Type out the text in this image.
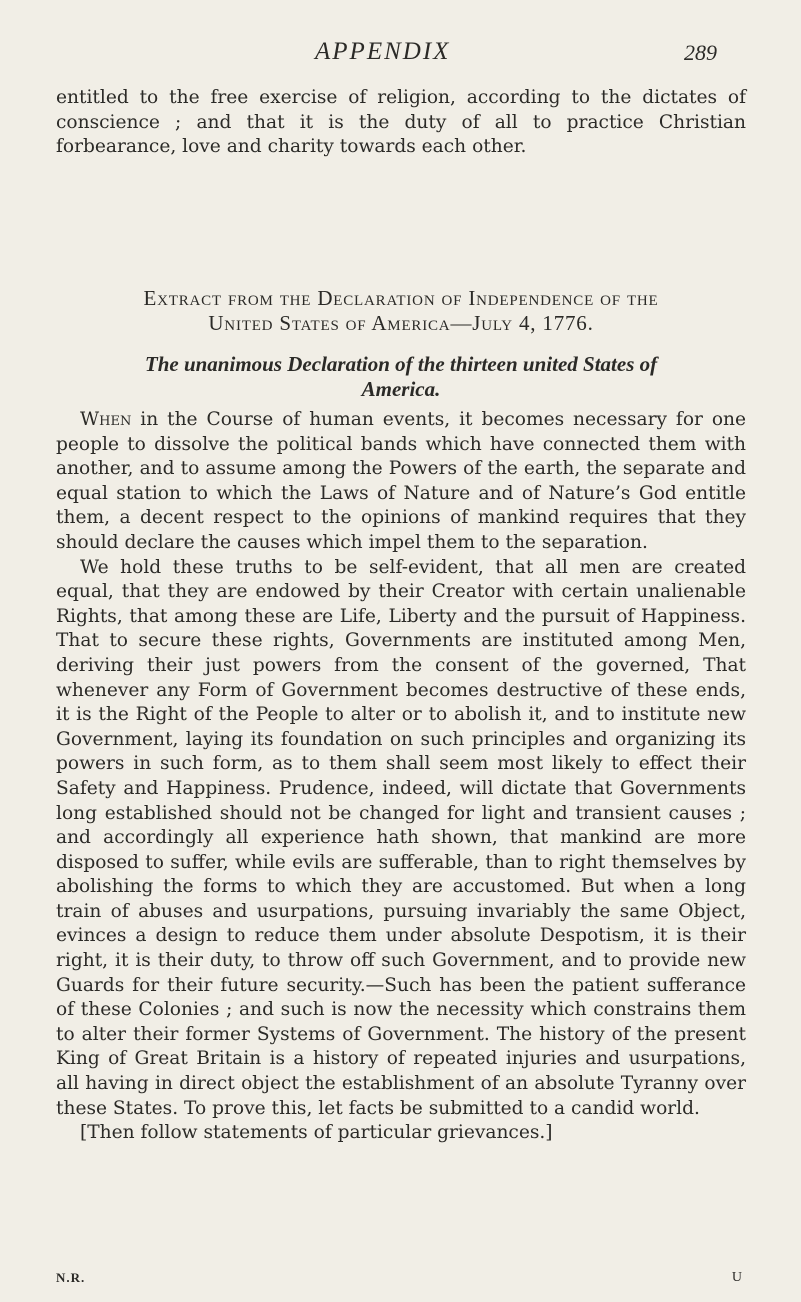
APPENDIX	289

entitled to the free exercise of religion, according to the dictates of conscience ; and that it is the duty of all to practice Christian forbearance, love and charity towards each other.

Extract from the Declaration of Independence of the
United States of America—July 4, 1776.
The unanimous Declaration of the thirteen united States of
America.

When in the Course of human events, it becomes necessary for one people to dissolve the political bands which have connected them with another, and to assume among the Powers of the earth, the separate and equal station to which the Laws of Nature and of Nature’s God entitle them, a decent respect to the opinions of mankind requires that they should declare the causes which impel them to the separation.

We hold these truths to be self-evident, that all men are created equal, that they are endowed by their Creator with certain unalienable Rights, that among these are Life, Liberty and the pursuit of Happiness. That to secure these rights, Governments are instituted among Men, deriving their just powers from the consent of the governed, That whenever any Form of Government becomes destructive of these ends, it is the Right of the People to alter or to abolish it, and to institute new Government, laying its foundation on such principles and organizing its powers in such form, as to them shall seem most likely to effect their Safety and Happiness. Prudence, indeed, will dictate that Governments long established should not be changed for light and transient causes ; and accordingly all experience hath shown, that mankind are more disposed to suffer, while evils are sufferable, than to right themselves by abolishing the forms to which they are accustomed. But when a long train of abuses and usurpations, pursuing invariably the same Object, evinces a design to reduce them under absolute Despotism, it is their right, it is their duty, to throw off such Government, and to provide new Guards for their future security.—Such has been the patient sufferance of these Colonies ; and such is now the necessity which constrains them to alter their former Systems of Government. The history of the present King of Great Britain is a history of repeated injuries and usurpations, all having in direct object the establishment of an absolute Tyranny over these States. To prove this, let facts be submitted to a candid world.

[Then follow statements of particular grievances.]

N.R.	U
